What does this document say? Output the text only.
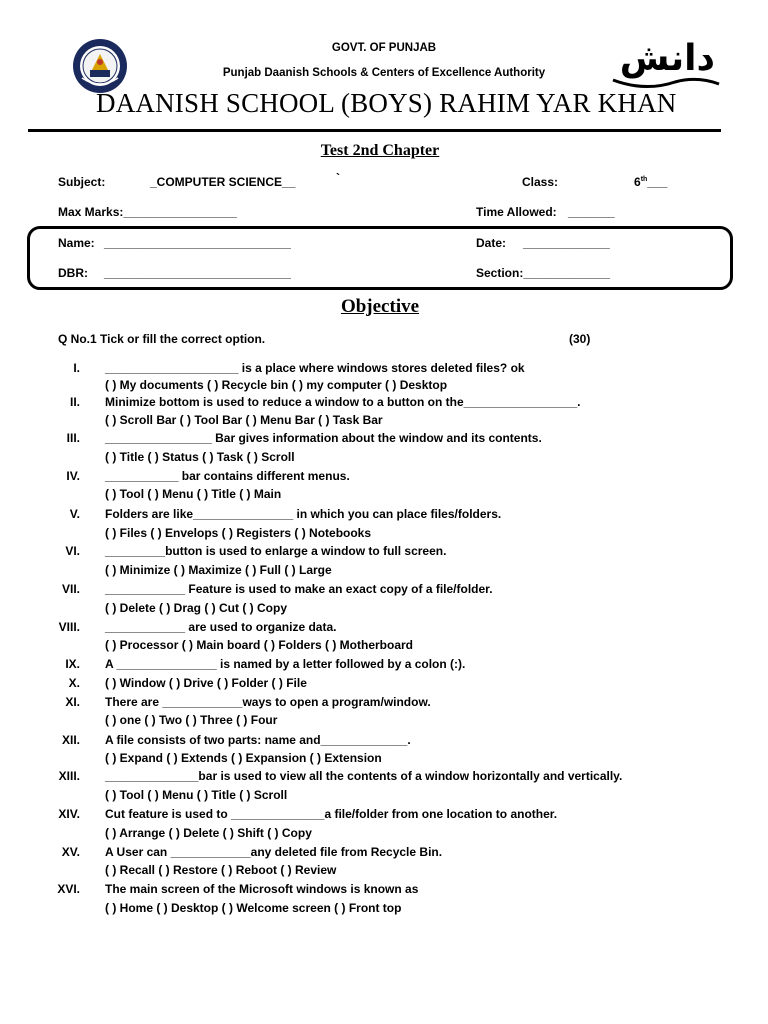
GOVT. OF PUNJAB
Punjab Daanish Schools & Centers of Excellence Authority	دانش
DAANISH SCHOOL (BOYS) RAHIM YAR KHAN
Test 2nd Chapter
Subject:	_COMPUTER SCIENCE__	`	Class:	6th___
Max Marks:_________________	Time Allowed: _______
Name: ____________________________	Date: _____________
DBR: ____________________________	Section:_____________
Objective
Q No.1 Tick or fill the correct option.	(30)
I. ____________________ is a place where windows stores deleted files? ok
( ) My documents ( ) Recycle bin ( ) my computer ( ) Desktop
II. Minimize bottom is used to reduce a window to a button on the_________________.
( ) Scroll Bar ( ) Tool Bar ( ) Menu Bar ( ) Task Bar
III. ________________ Bar gives information about the window and its contents.
( ) Title ( ) Status ( ) Task ( ) Scroll
IV. ___________ bar contains different menus.
( ) Tool ( ) Menu ( ) Title ( ) Main
V. Folders are like_______________ in which you can place files/folders.
( ) Files ( ) Envelops ( ) Registers ( ) Notebooks
VI. _________button is used to enlarge a window to full screen.
( ) Minimize ( ) Maximize ( ) Full ( ) Large
VII. ____________ Feature is used to make an exact copy of a file/folder.
( ) Delete ( ) Drag ( ) Cut ( ) Copy
VIII. ____________ are used to organize data.
( ) Processor ( ) Main board ( ) Folders ( ) Motherboard
IX. A _______________ is named by a letter followed by a colon (:).
X. ( ) Window ( ) Drive ( ) Folder ( ) File
XI. There are ____________ways to open a program/window.
( ) one ( ) Two ( ) Three ( ) Four
XII. A file consists of two parts: name and_____________.
( ) Expand ( ) Extends ( ) Expansion ( ) Extension
XIII. ______________bar is used to view all the contents of a window horizontally and vertically.
( ) Tool ( ) Menu ( ) Title ( ) Scroll
XIV. Cut feature is used to ______________a file/folder from one location to another.
( ) Arrange ( ) Delete ( ) Shift ( ) Copy
XV. A User can ____________any deleted file from Recycle Bin.
( ) Recall ( ) Restore ( ) Reboot ( ) Review
XVI. The main screen of the Microsoft windows is known as
( ) Home ( ) Desktop ( ) Welcome screen ( ) Front top
